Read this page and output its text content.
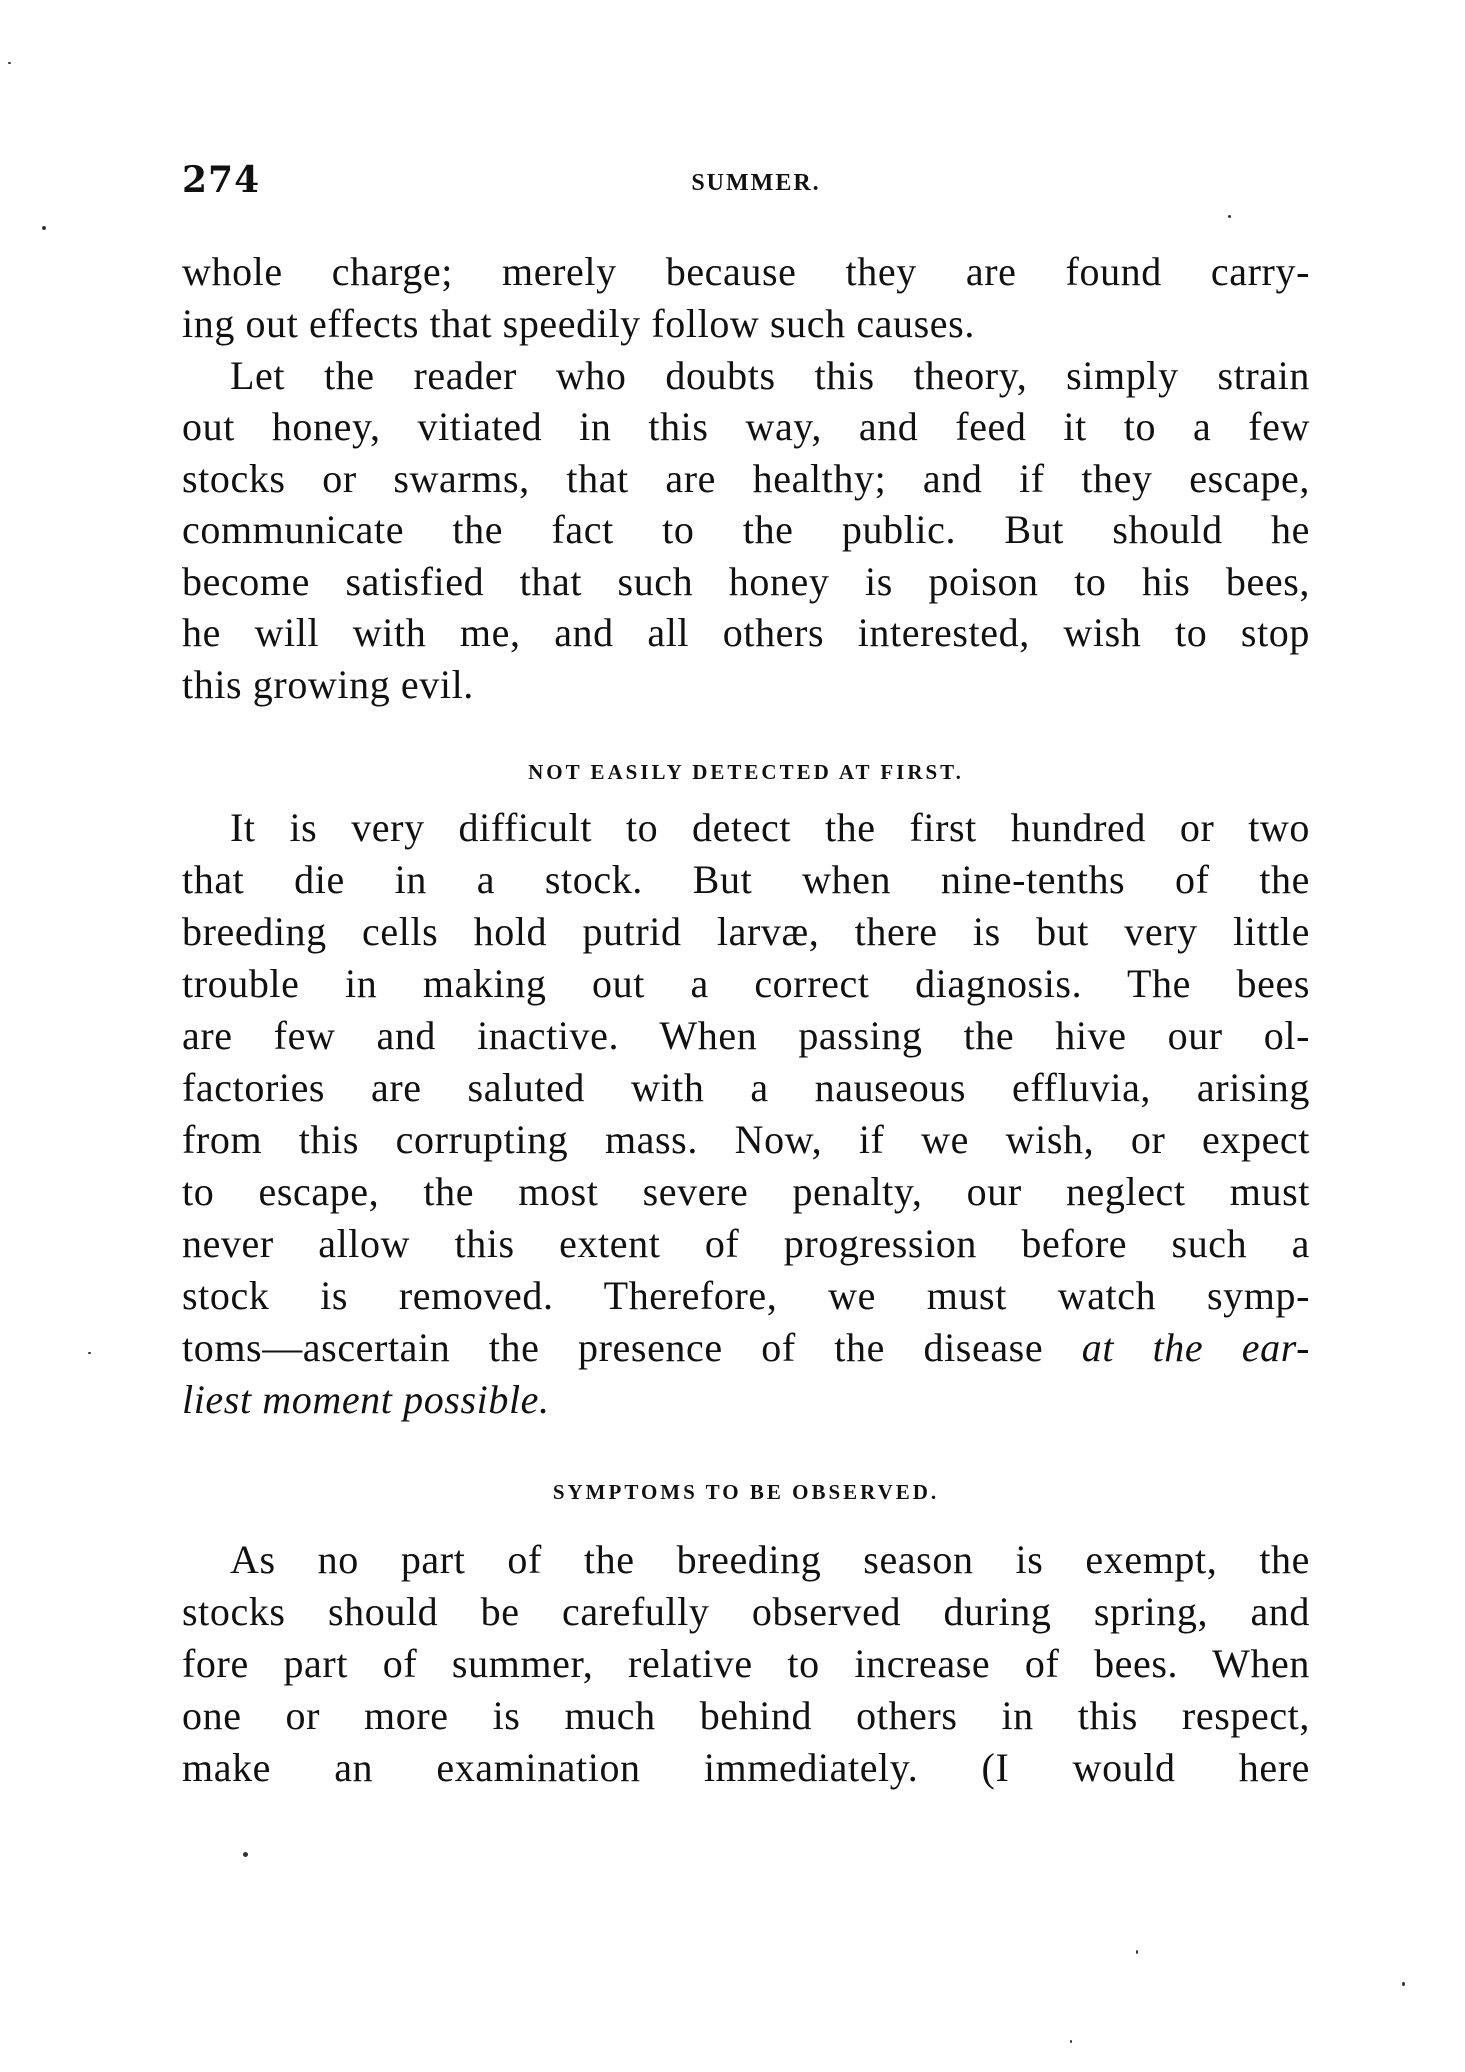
274	SUMMER.
whole charge; merely because they are found carry-
ing out effects that speedily follow such causes.
Let the reader who doubts this theory, simply strain
out honey, vitiated in this way, and feed it to a few
stocks or swarms, that are healthy; and if they escape,
communicate the fact to the public. But should he
become satisfied that such honey is poison to his bees,
he will with me, and all others interested, wish to stop
this growing evil.
NOT EASILY DETECTED AT FIRST.
It is very difficult to detect the first hundred or two
that die in a stock. But when nine-tenths of the
breeding cells hold putrid larvæ, there is but very little
trouble in making out a correct diagnosis. The bees
are few and inactive. When passing the hive our ol-
factories are saluted with a nauseous effluvia, arising
from this corrupting mass. Now, if we wish, or expect
to escape, the most severe penalty, our neglect must
never allow this extent of progression before such a
stock is removed. Therefore, we must watch symp-
toms—ascertain the presence of the disease at the ear-
liest moment possible.
SYMPTOMS TO BE OBSERVED.
As no part of the breeding season is exempt, the
stocks should be carefully observed during spring, and
fore part of summer, relative to increase of bees. When
one or more is much behind others in this respect,
make an examination immediately. (I would here
